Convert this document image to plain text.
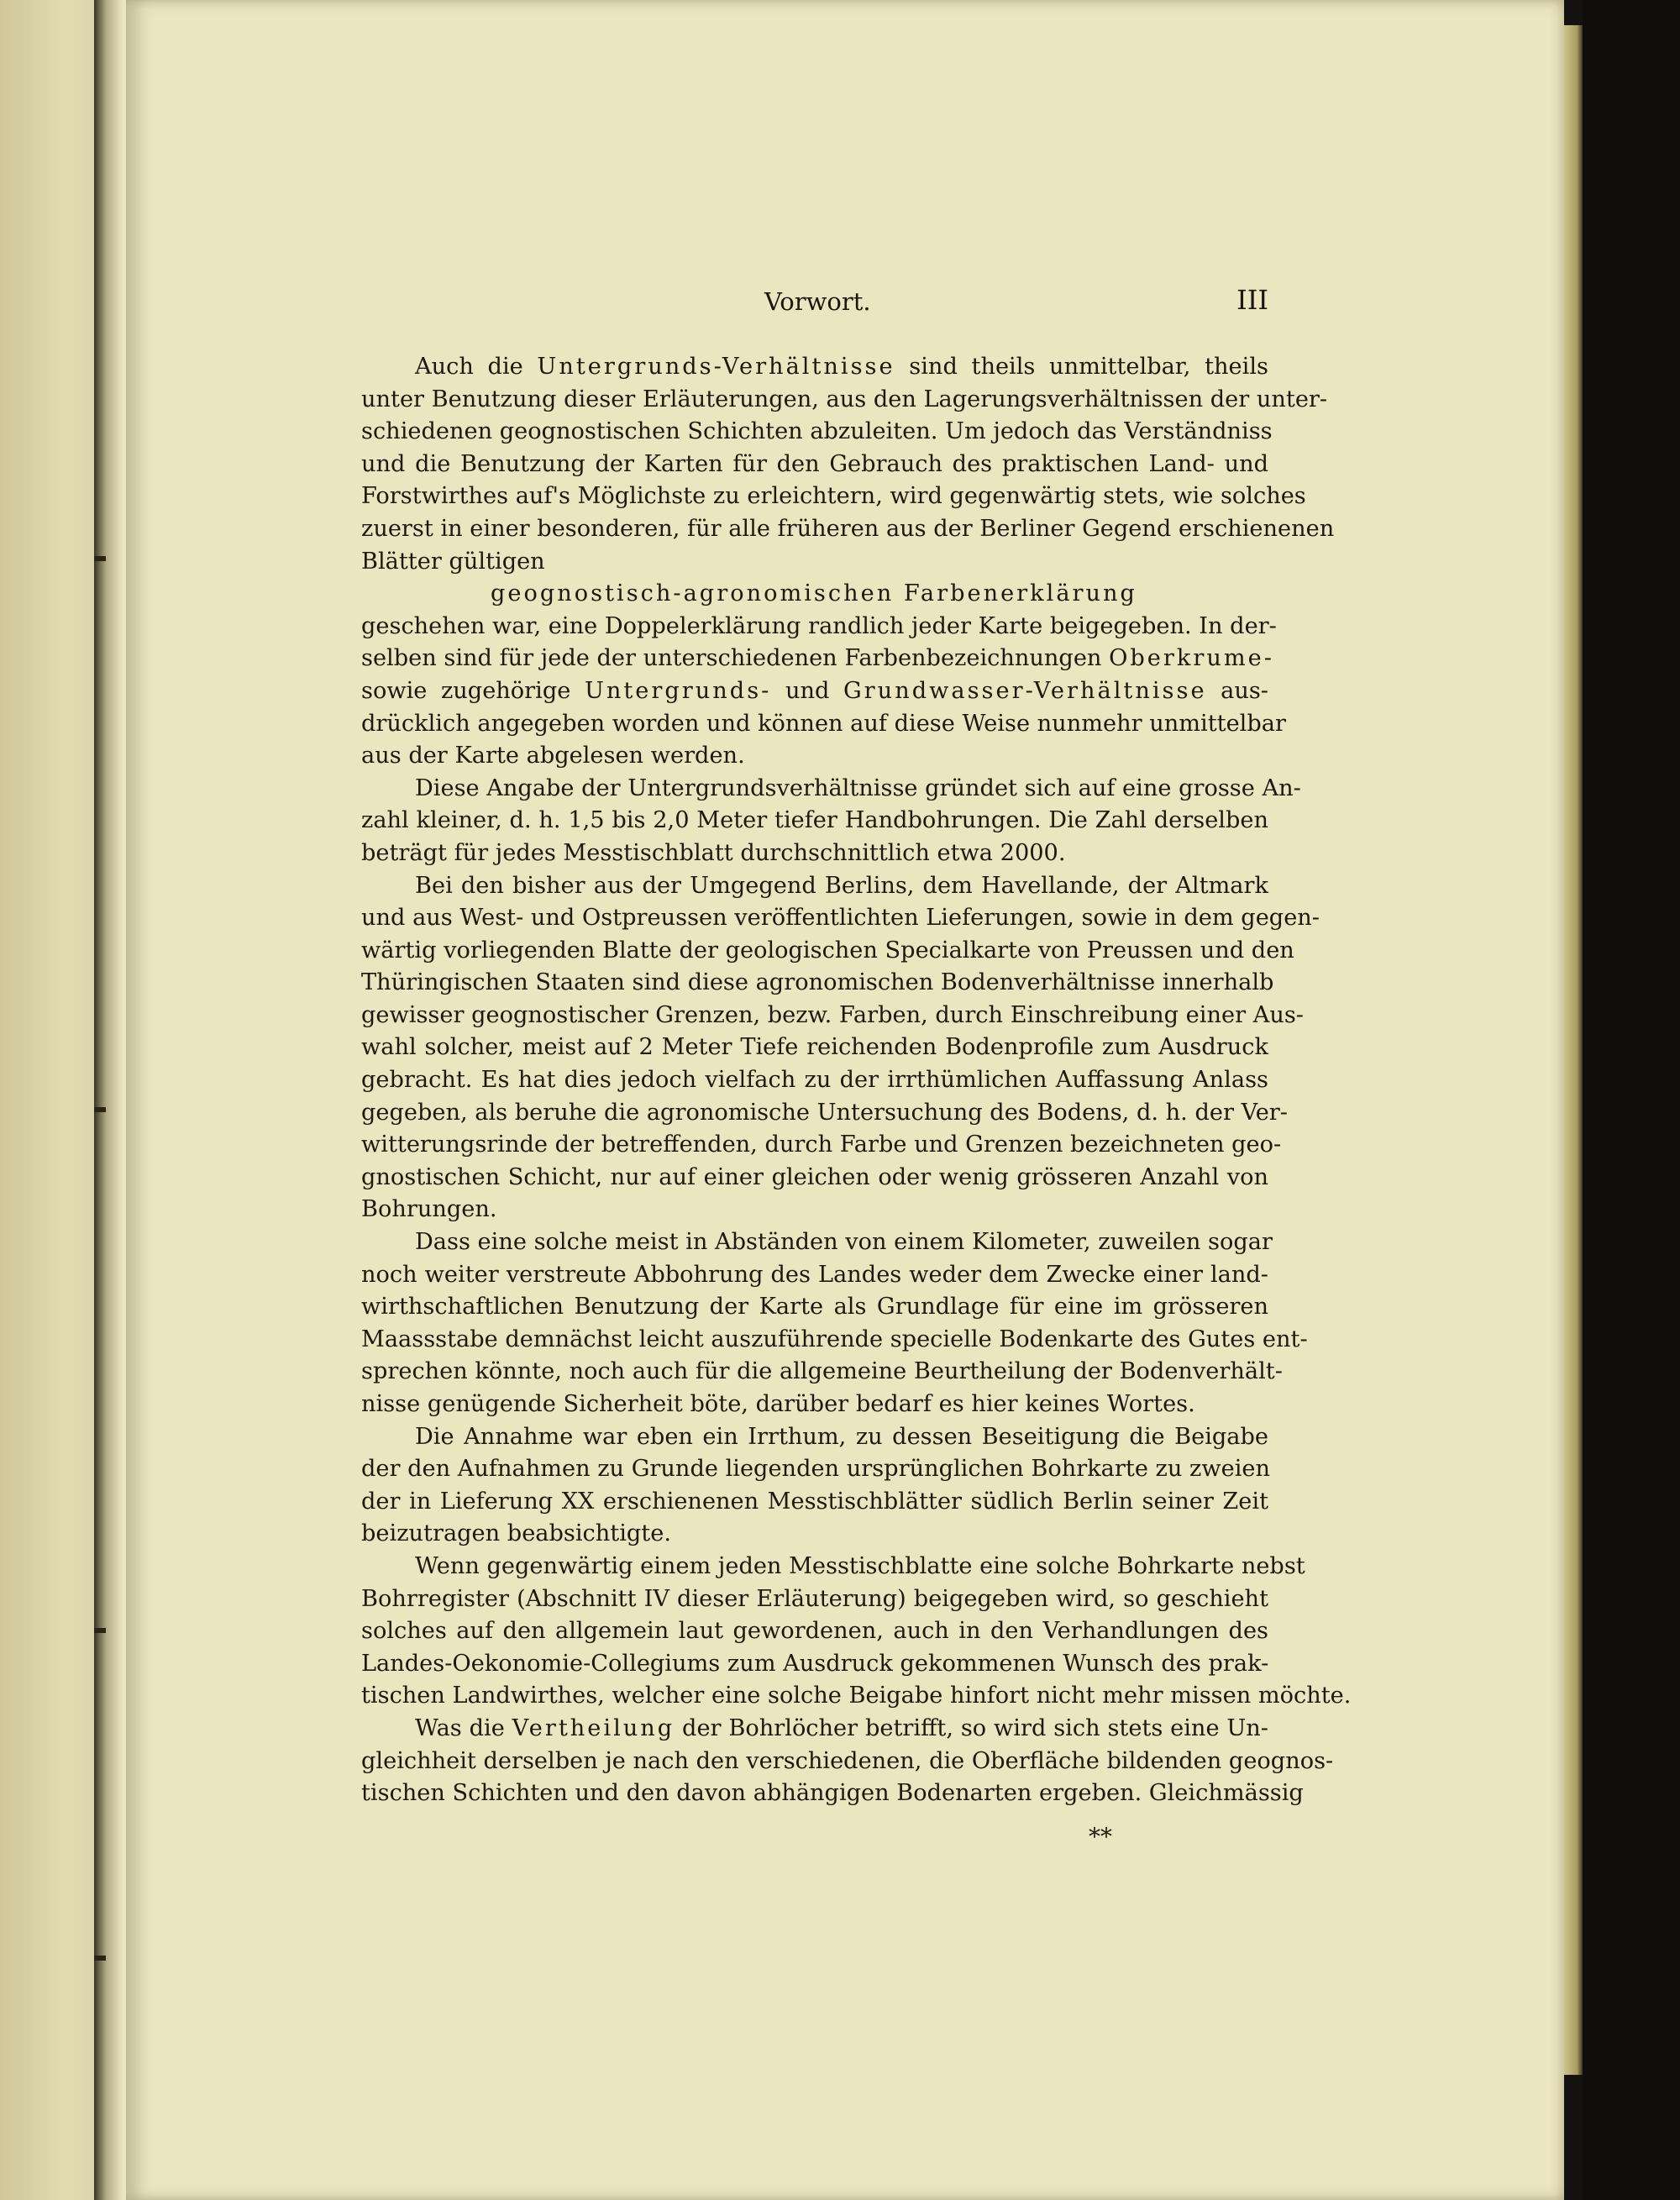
Vorwort.	III
Auch die Untergrunds-Verhältnisse sind theils unmittelbar, theils
unter Benutzung dieser Erläuterungen, aus den Lagerungsverhältnissen der unter-
schiedenen geognostischen Schichten abzuleiten. Um jedoch das Verständniss
und die Benutzung der Karten für den Gebrauch des praktischen Land- und
Forstwirthes auf's Möglichste zu erleichtern, wird gegenwärtig stets, wie solches
zuerst in einer besonderen, für alle früheren aus der Berliner Gegend erschienenen
Blätter gültigen
geognostisch-agronomischen Farbenerklärung
geschehen war, eine Doppelerklärung randlich jeder Karte beigegeben. In der-
selben sind für jede der unterschiedenen Farbenbezeichnungen Oberkrume-
sowie zugehörige Untergrunds- und Grundwasser-Verhältnisse aus-
drücklich angegeben worden und können auf diese Weise nunmehr unmittelbar
aus der Karte abgelesen werden.
Diese Angabe der Untergrundsverhältnisse gründet sich auf eine grosse An-
zahl kleiner, d. h. 1,5 bis 2,0 Meter tiefer Handbohrungen. Die Zahl derselben
beträgt für jedes Messtischblatt durchschnittlich etwa 2000.
Bei den bisher aus der Umgegend Berlins, dem Havellande, der Altmark
und aus West- und Ostpreussen veröffentlichten Lieferungen, sowie in dem gegen-
wärtig vorliegenden Blatte der geologischen Specialkarte von Preussen und den
Thüringischen Staaten sind diese agronomischen Bodenverhältnisse innerhalb
gewisser geognostischer Grenzen, bezw. Farben, durch Einschreibung einer Aus-
wahl solcher, meist auf 2 Meter Tiefe reichenden Bodenprofile zum Ausdruck
gebracht. Es hat dies jedoch vielfach zu der irrthümlichen Auffassung Anlass
gegeben, als beruhe die agronomische Untersuchung des Bodens, d. h. der Ver-
witterungsrinde der betreffenden, durch Farbe und Grenzen bezeichneten geo-
gnostischen Schicht, nur auf einer gleichen oder wenig grösseren Anzahl von
Bohrungen.
Dass eine solche meist in Abständen von einem Kilometer, zuweilen sogar
noch weiter verstreute Abbohrung des Landes weder dem Zwecke einer land-
wirthschaftlichen Benutzung der Karte als Grundlage für eine im grösseren
Maassstabe demnächst leicht auszuführende specielle Bodenkarte des Gutes ent-
sprechen könnte, noch auch für die allgemeine Beurtheilung der Bodenverhält-
nisse genügende Sicherheit böte, darüber bedarf es hier keines Wortes.
Die Annahme war eben ein Irrthum, zu dessen Beseitigung die Beigabe
der den Aufnahmen zu Grunde liegenden ursprünglichen Bohrkarte zu zweien
der in Lieferung XX erschienenen Messtischblätter südlich Berlin seiner Zeit
beizutragen beabsichtigte.
Wenn gegenwärtig einem jeden Messtischblatte eine solche Bohrkarte nebst
Bohrregister (Abschnitt IV dieser Erläuterung) beigegeben wird, so geschieht
solches auf den allgemein laut gewordenen, auch in den Verhandlungen des
Landes-Oekonomie-Collegiums zum Ausdruck gekommenen Wunsch des prak-
tischen Landwirthes, welcher eine solche Beigabe hinfort nicht mehr missen möchte.
Was die Vertheilung der Bohrlöcher betrifft, so wird sich stets eine Un-
gleichheit derselben je nach den verschiedenen, die Oberfläche bildenden geognos-
tischen Schichten und den davon abhängigen Bodenarten ergeben. Gleichmässig
**
